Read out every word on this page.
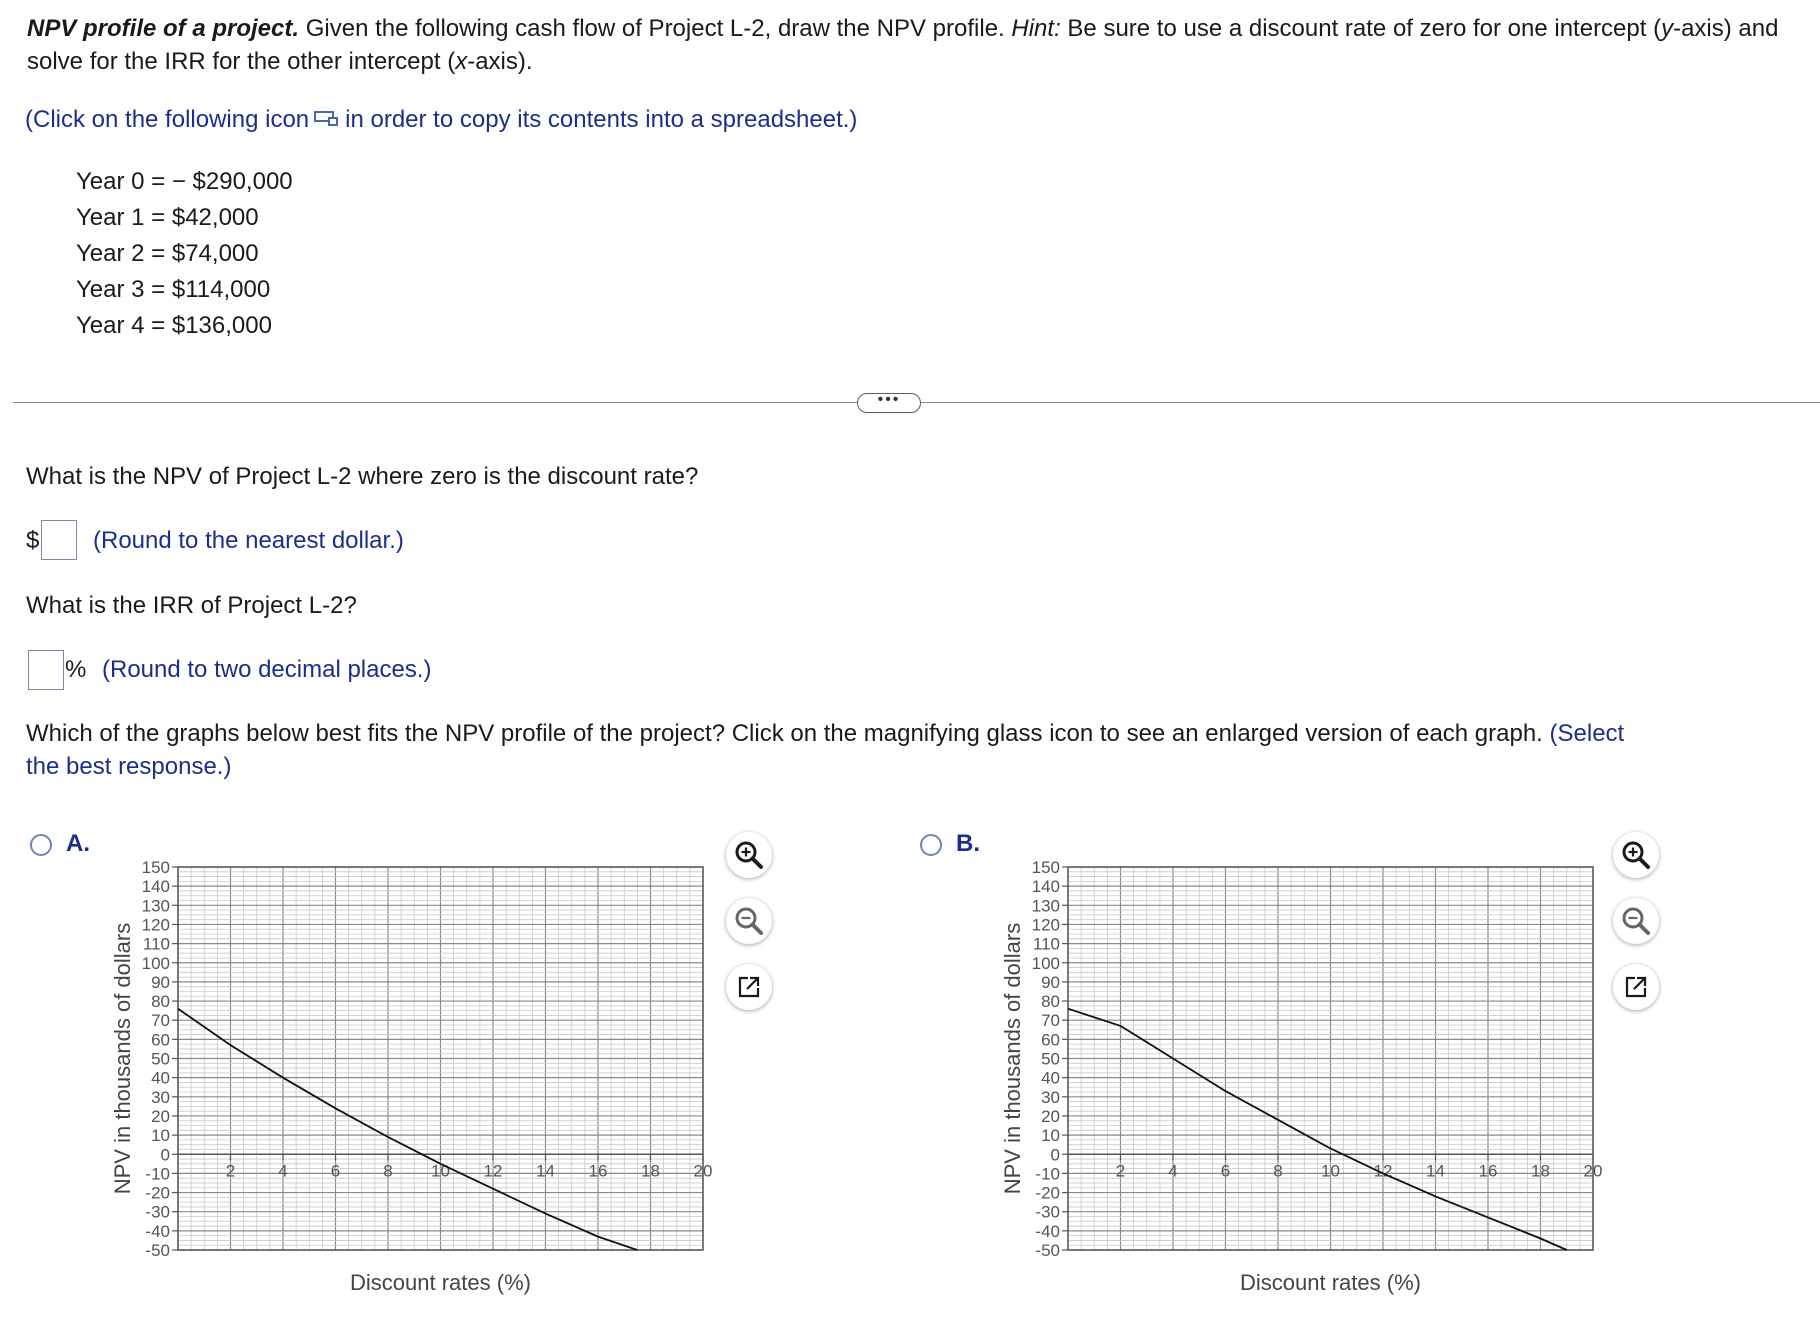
NPV profile of a project. Given the following cash flow of Project L-2, draw the NPV profile. Hint: Be sure to use a discount rate of zero for one intercept (y-axis) and solve for the IRR for the other intercept (x-axis).
(Click on the following icon in order to copy its contents into a spreadsheet.)
Year 0 = − $290,000
Year 1 = $42,000
Year 2 = $74,000
Year 3 = $114,000
Year 4 = $136,000
•••
What is the NPV of Project L-2 where zero is the discount rate?
$ (Round to the nearest dollar.)
What is the IRR of Project L-2?
% (Round to two decimal places.)
Which of the graphs below best fits the NPV profile of the project? Click on the magnifying glass icon to see an enlarged version of each graph. (Select
the best response.)
A.
150
140
130
120
110
100
90
80
70
60
50
40
30
20
10
0
-10
-20
-30
-40
-50
2	4	6	8 10 12 14 16 18 20
Discount rates (%)
NPV in thousands of dollars
B.
150
140
130
120
110
100
90
80
70
60
50
40
30
20
10
0
-10
-20
-30
-40
-50
2	4	6	8 10 12 14 16 18 20
Discount rates (%)
NPV in thousands of dollars
